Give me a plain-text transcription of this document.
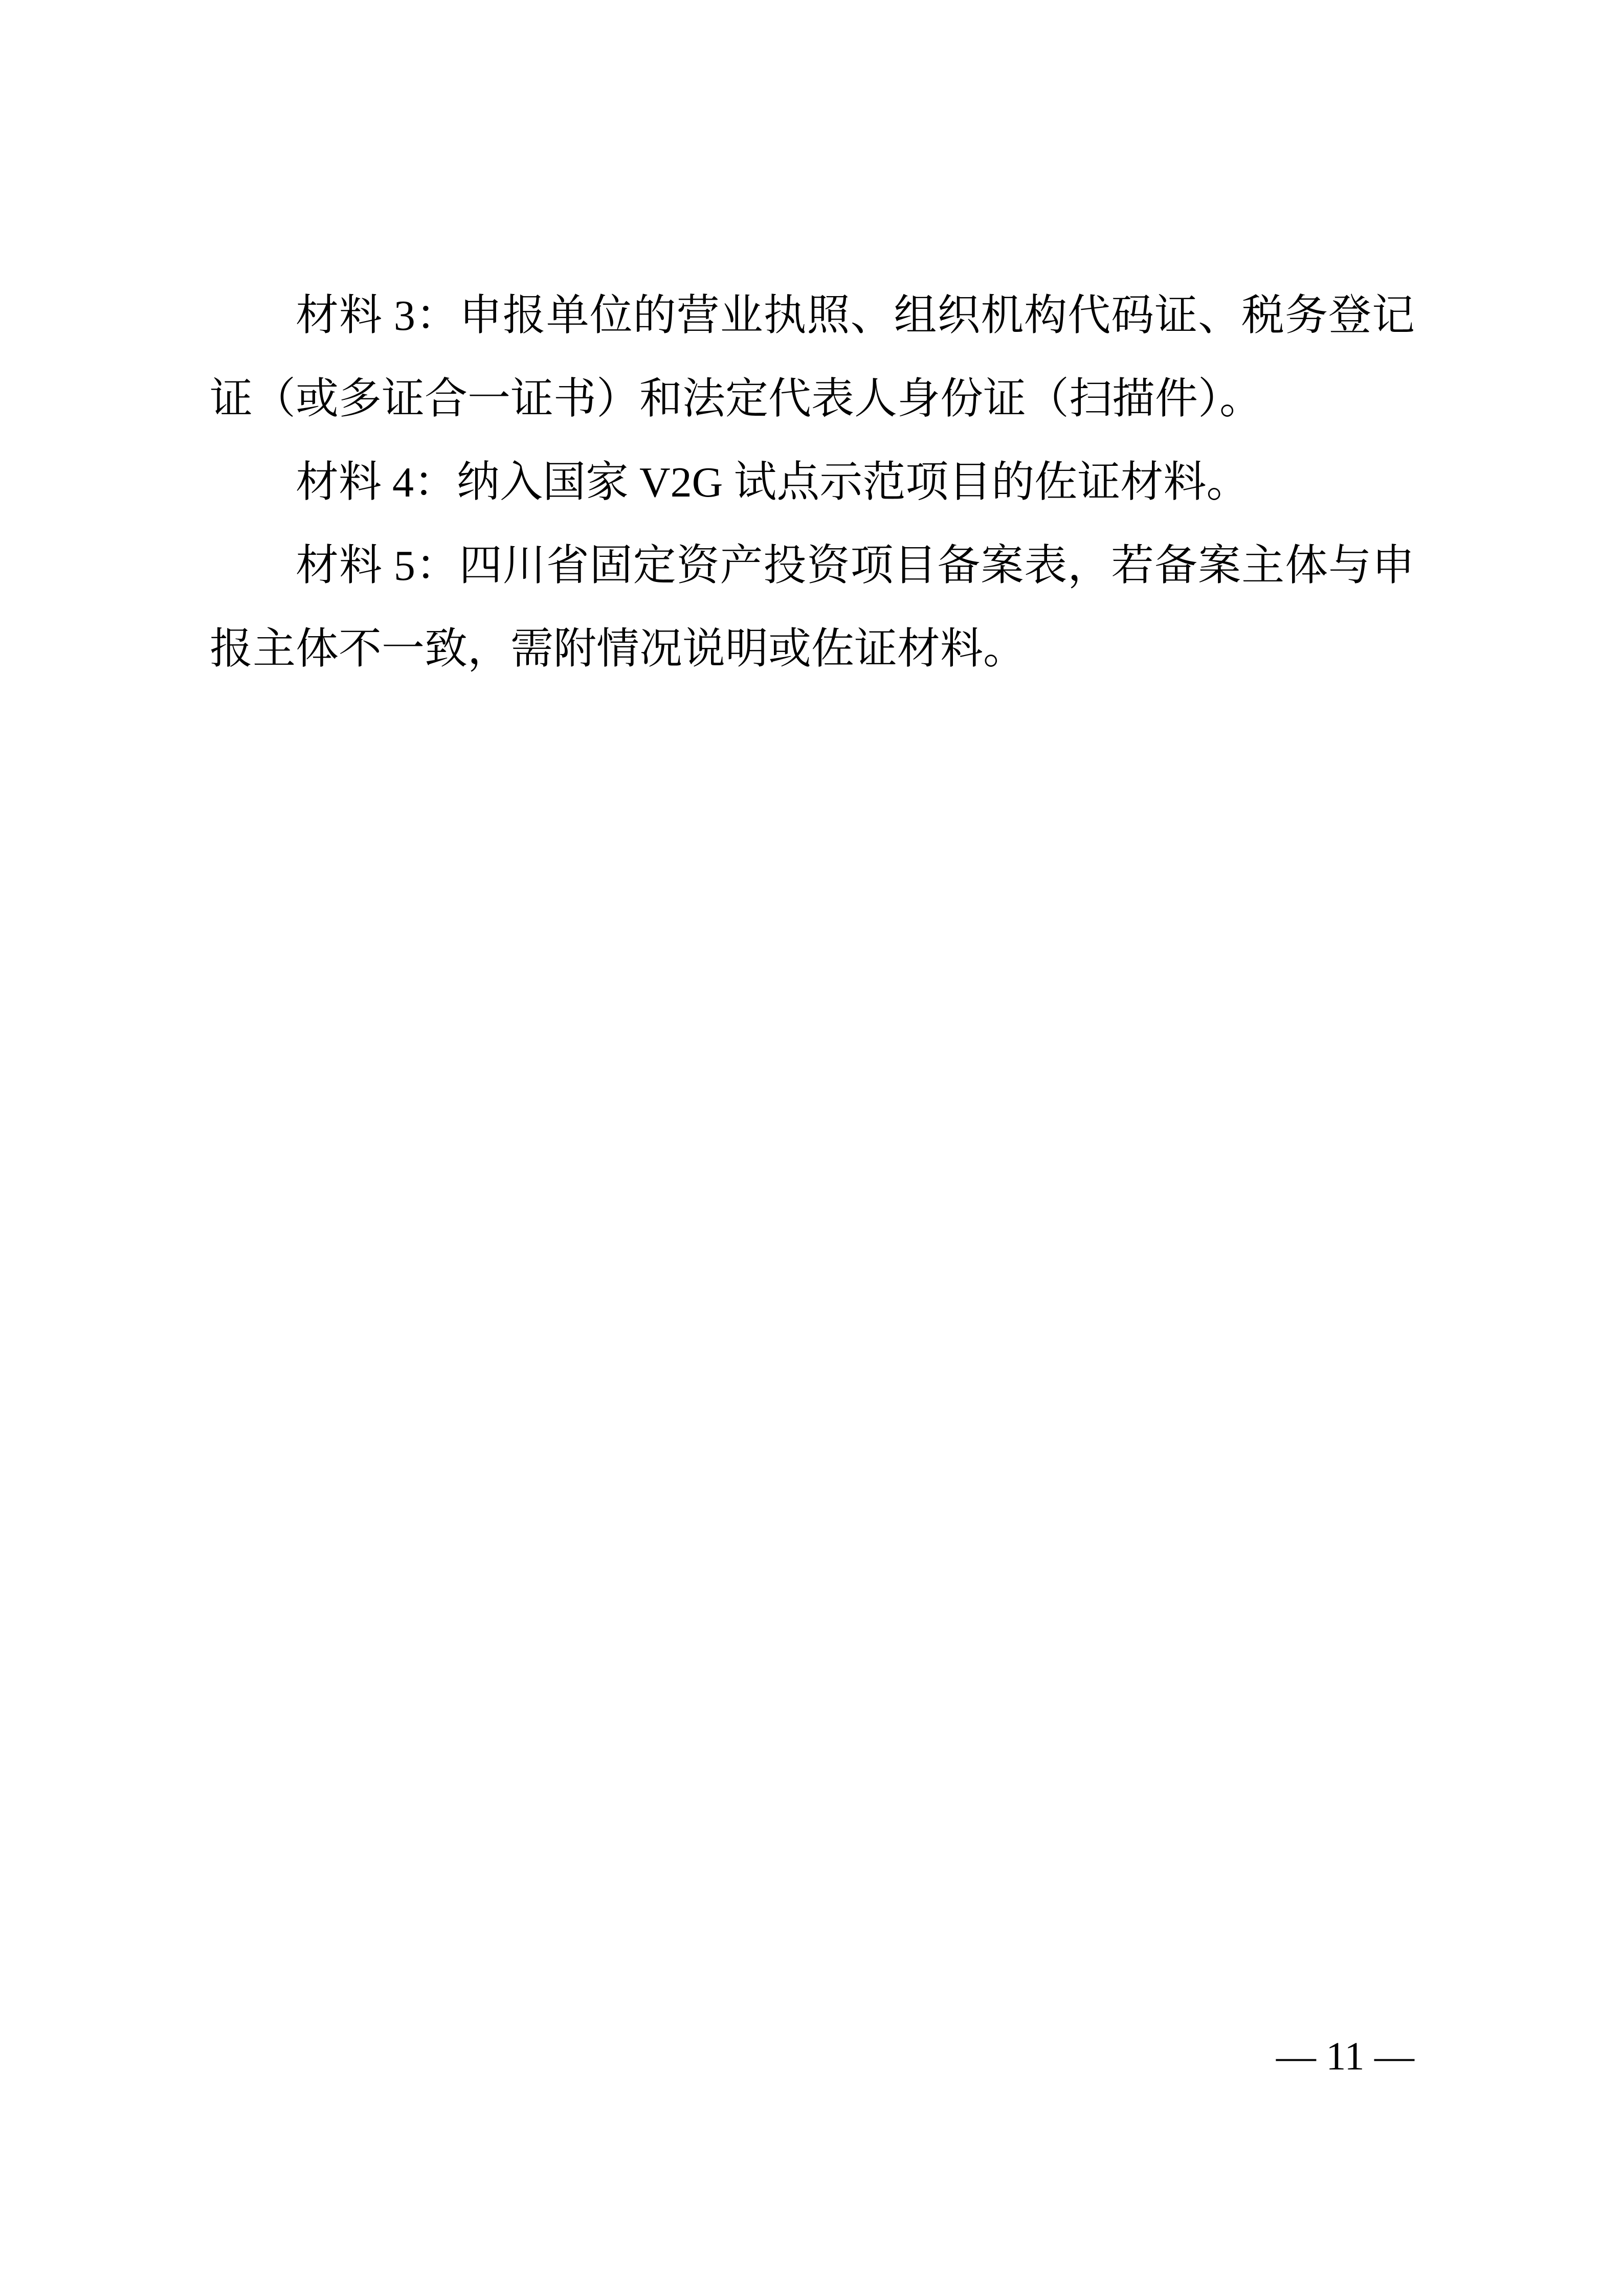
材料 3：申报单位的营业执照、组织机构代码证、税务登记
证（或多证合一证书）和法定代表人身份证（扫描件）。

材料 4：纳入国家 V2G 试点示范项目的佐证材料。

材料 5：四川省固定资产投资项目备案表，若备案主体与申
报主体不一致，需附情况说明或佐证材料。

— 11 —
